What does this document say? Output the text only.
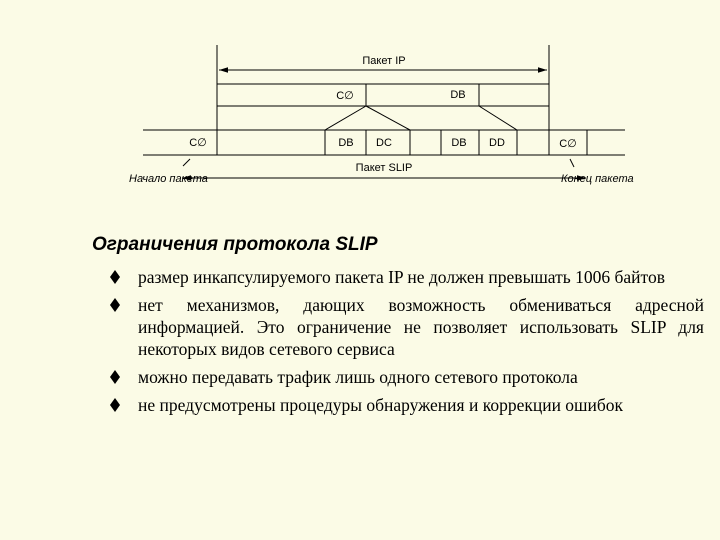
Пакет IP
C∅	DB
C∅	DB DC	DB DD	C∅
Пакет SLIP
Начало пакета	Конец пакета
Ограничения протокола SLIP
размер инкапсулируемого пакета IP не должен превышать 1006 байтов
нет механизмов, дающих возможность обмениваться адресной информацией. Это ограничение не позволяет использовать SLIP для некоторых видов сетевого сервиса
можно передавать трафик лишь одного сетевого протокола
не предусмотрены процедуры обнаружения и коррекции ошибок
